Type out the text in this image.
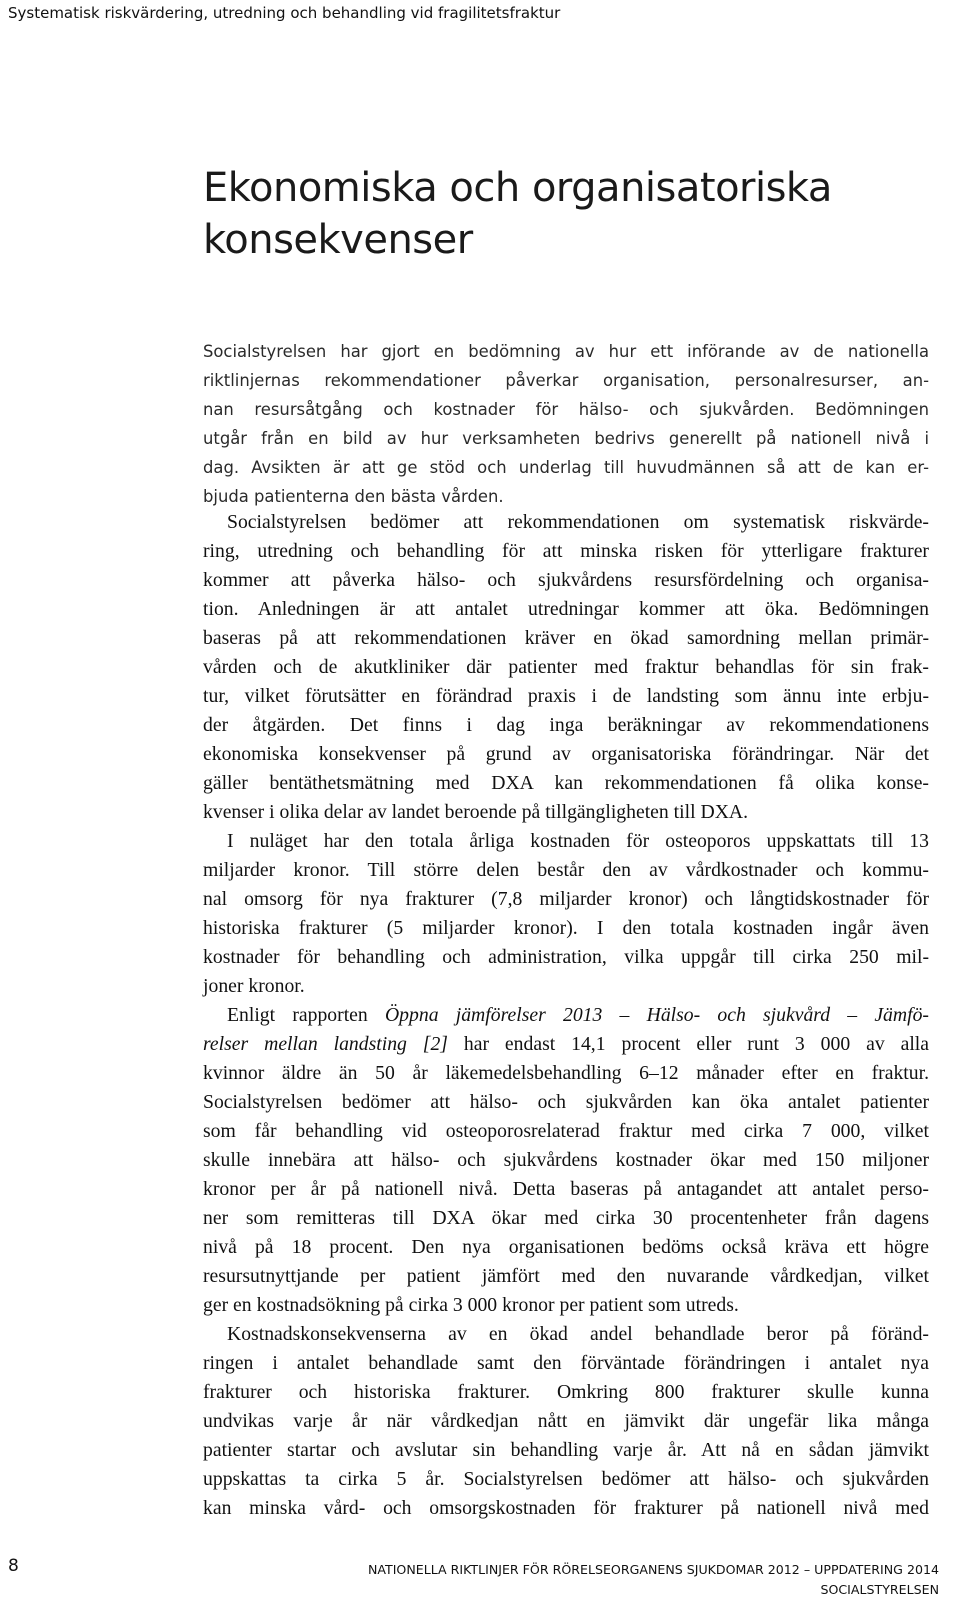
Systematisk riskvärdering, utredning och behandling vid fragilitetsfraktur
Ekonomiska och organisatoriska
konsekvenser
Socialstyrelsen har gjort en bedömning av hur ett införande av de nationella
riktlinjernas rekommendationer påverkar organisation, personalresurser, an-
nan resursåtgång och kostnader för hälso- och sjukvården. Bedömningen
utgår från en bild av hur verksamheten bedrivs generellt på nationell nivå i
dag. Avsikten är att ge stöd och underlag till huvudmännen så att de kan er-
bjuda patienterna den bästa vården.
Socialstyrelsen bedömer att rekommendationen om systematisk riskvärde-
ring, utredning och behandling för att minska risken för ytterligare frakturer
kommer att påverka hälso- och sjukvårdens resursfördelning och organisa-
tion. Anledningen är att antalet utredningar kommer att öka. Bedömningen
baseras på att rekommendationen kräver en ökad samordning mellan primär-
vården och de akutkliniker där patienter med fraktur behandlas för sin frak-
tur, vilket förutsätter en förändrad praxis i de landsting som ännu inte erbju-
der åtgärden. Det finns i dag inga beräkningar av rekommendationens
ekonomiska konsekvenser på grund av organisatoriska förändringar. När det
gäller bentäthetsmätning med DXA kan rekommendationen få olika konse-
kvenser i olika delar av landet beroende på tillgängligheten till DXA.
I nuläget har den totala årliga kostnaden för osteoporos uppskattats till 13
miljarder kronor. Till större delen består den av vårdkostnader och kommu-
nal omsorg för nya frakturer (7,8 miljarder kronor) och långtidskostnader för
historiska frakturer (5 miljarder kronor). I den totala kostnaden ingår även
kostnader för behandling och administration, vilka uppgår till cirka 250 mil-
joner kronor.
Enligt rapporten Öppna jämförelser 2013 – Hälso- och sjukvård – Jämfö-
relser mellan landsting [2] har endast 14,1 procent eller runt 3 000 av alla
kvinnor äldre än 50 år läkemedelsbehandling 6–12 månader efter en fraktur.
Socialstyrelsen bedömer att hälso- och sjukvården kan öka antalet patienter
som får behandling vid osteoporosrelaterad fraktur med cirka 7 000, vilket
skulle innebära att hälso- och sjukvårdens kostnader ökar med 150 miljoner
kronor per år på nationell nivå. Detta baseras på antagandet att antalet perso-
ner som remitteras till DXA ökar med cirka 30 procentenheter från dagens
nivå på 18 procent. Den nya organisationen bedöms också kräva ett högre
resursutnyttjande per patient jämfört med den nuvarande vårdkedjan, vilket
ger en kostnadsökning på cirka 3 000 kronor per patient som utreds.
Kostnadskonsekvenserna av en ökad andel behandlade beror på föränd-
ringen i antalet behandlade samt den förväntade förändringen i antalet nya
frakturer och historiska frakturer. Omkring 800 frakturer skulle kunna
undvikas varje år när vårdkedjan nått en jämvikt där ungefär lika många
patienter startar och avslutar sin behandling varje år. Att nå en sådan jämvikt
uppskattas ta cirka 5 år. Socialstyrelsen bedömer att hälso- och sjukvården
kan minska vård- och omsorgskostnaden för frakturer på nationell nivå med
8	NATIONELLA RIKTLINJER FÖR RÖRELSEORGANENS SJUKDOMAR 2012 – UPPDATERING 2014
SOCIALSTYRELSEN
